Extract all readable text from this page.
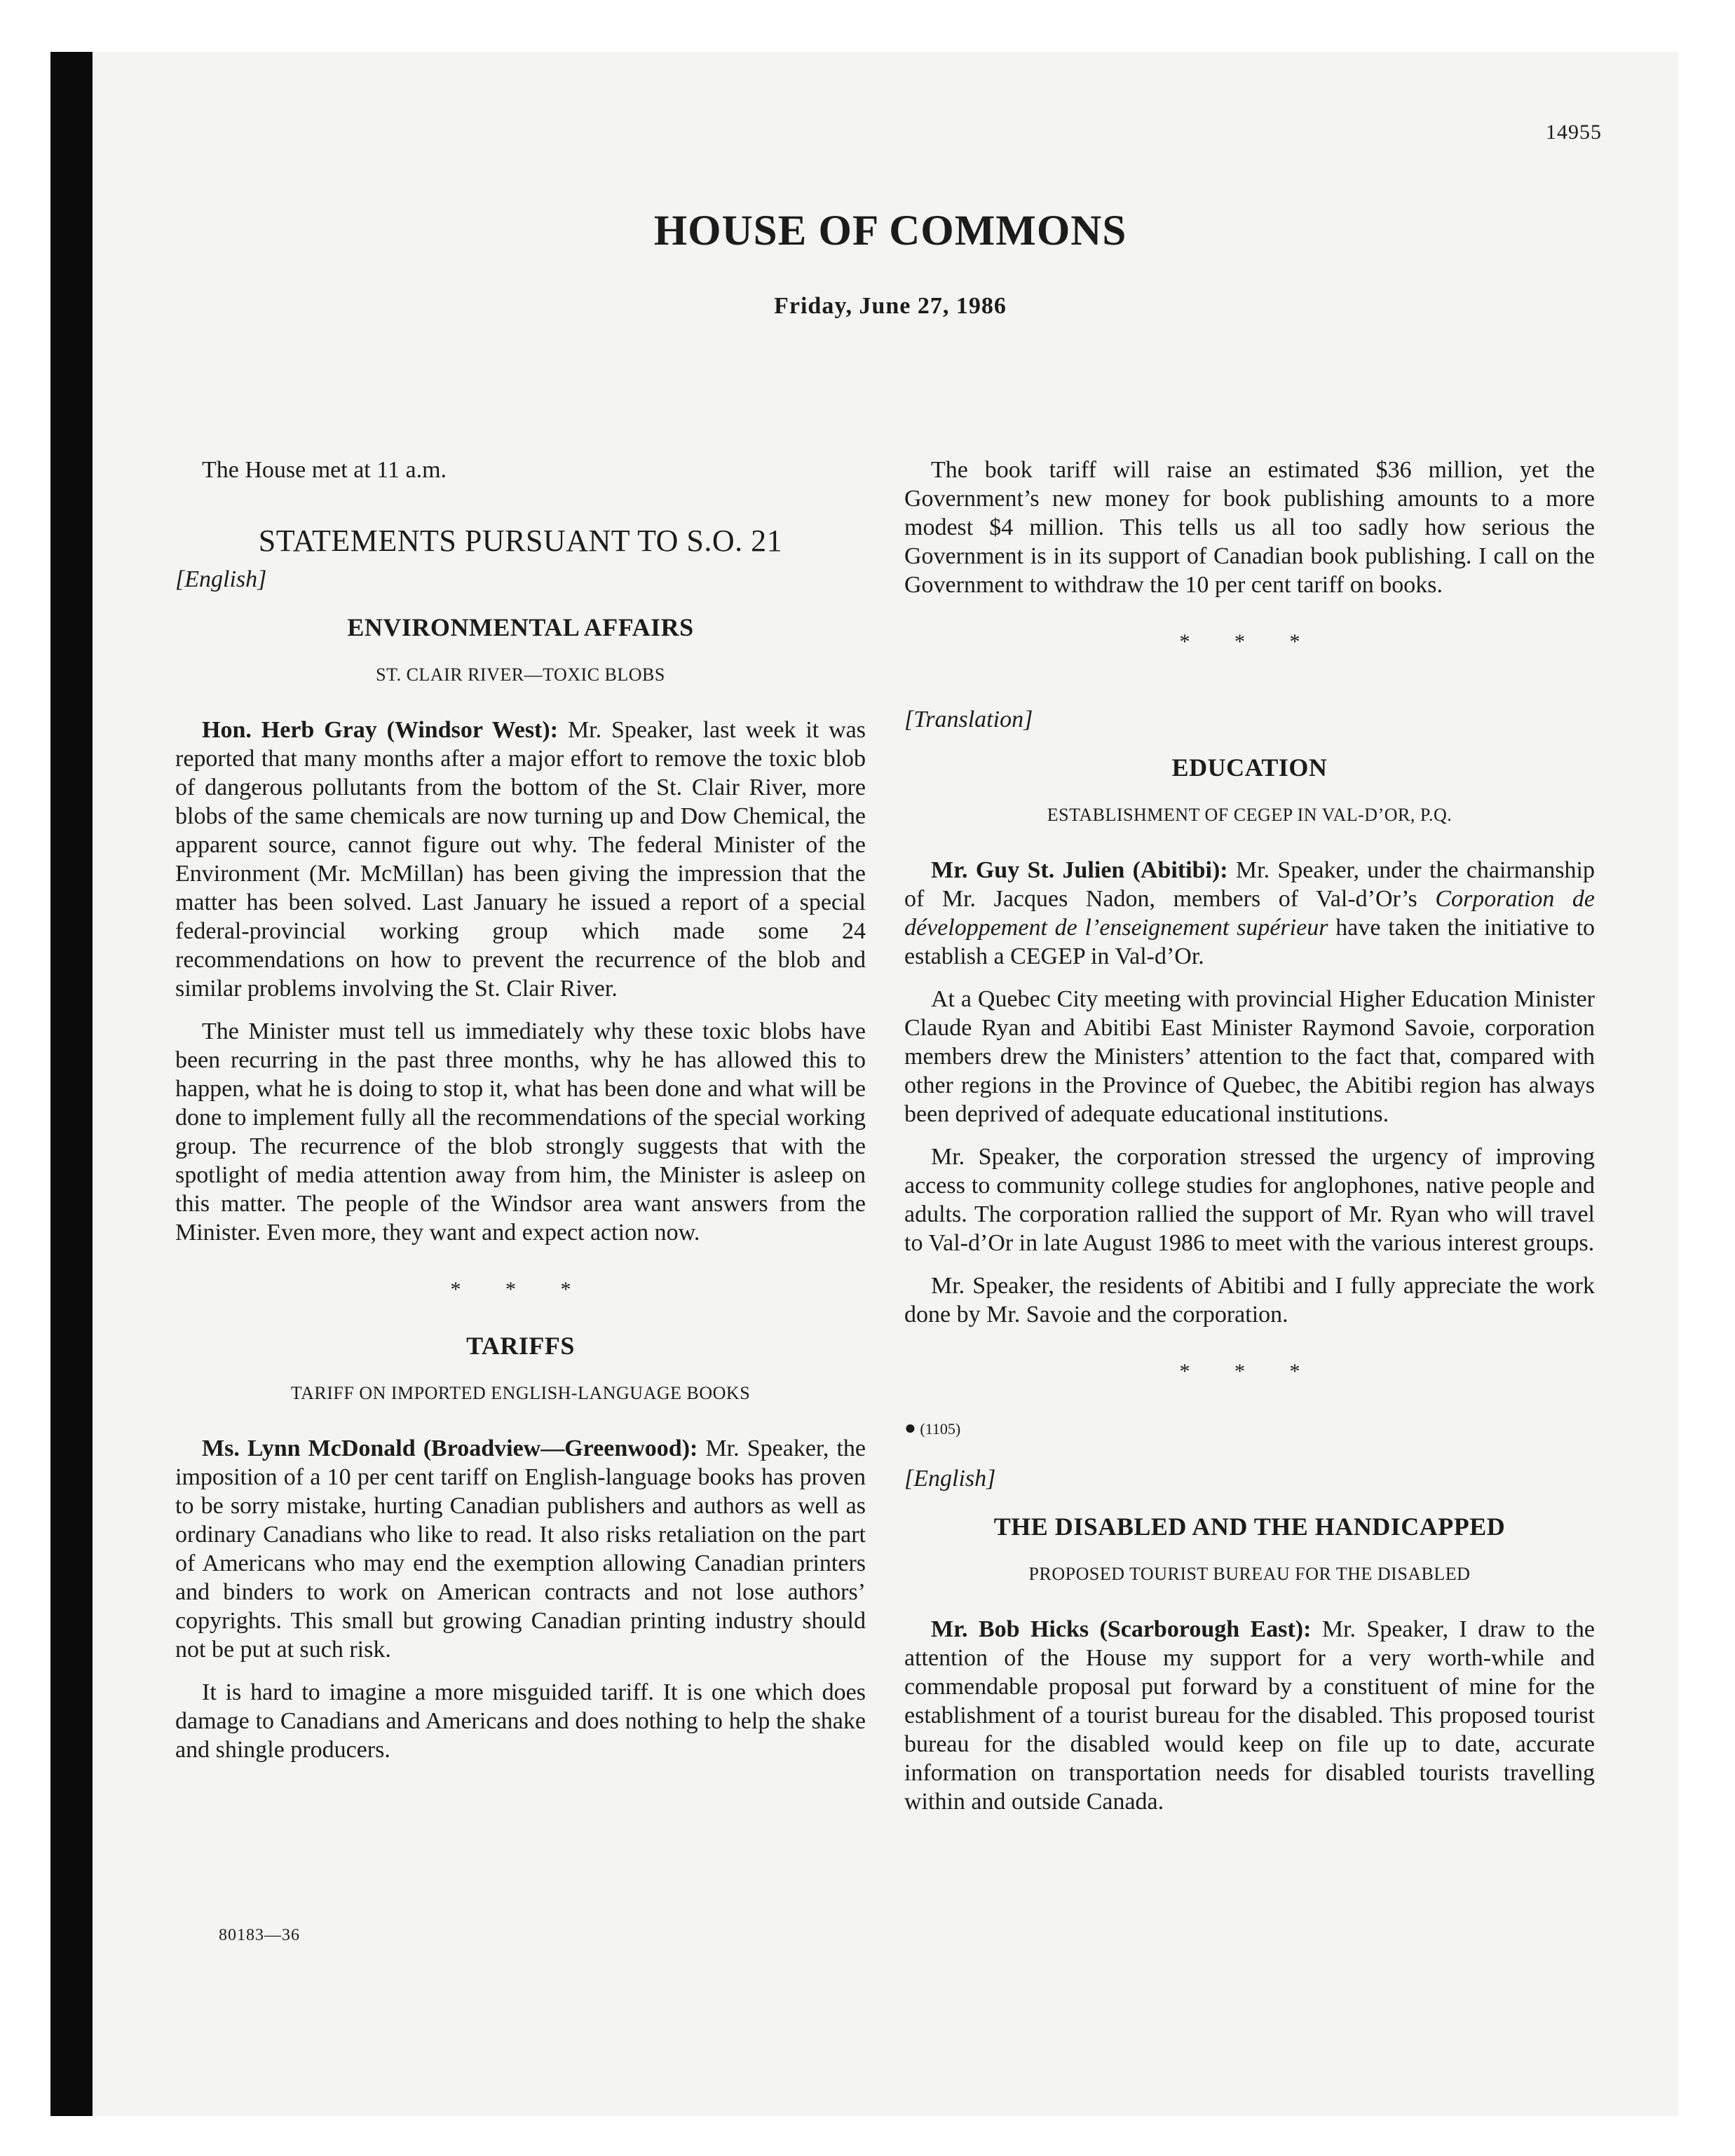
14955
HOUSE OF COMMONS
Friday, June 27, 1986
The House met at 11 a.m.
STATEMENTS PURSUANT TO S.O. 21
[English]
ENVIRONMENTAL AFFAIRS
ST. CLAIR RIVER—TOXIC BLOBS

Hon. Herb Gray (Windsor West): Mr. Speaker, last week it was reported that many months after a major effort to remove the toxic blob of dangerous pollutants from the bottom of the St. Clair River, more blobs of the same chemicals are now turning up and Dow Chemical, the apparent source, cannot figure out why. The federal Minister of the Environment (Mr. McMillan) has been giving the impression that the matter has been solved. Last January he issued a report of a special federal-provincial working group which made some 24 recommendations on how to prevent the recurrence of the blob and similar problems involving the St. Clair River.

The Minister must tell us immediately why these toxic blobs have been recurring in the past three months, why he has allowed this to happen, what he is doing to stop it, what has been done and what will be done to implement fully all the recommendations of the special working group. The recurrence of the blob strongly suggests that with the spotlight of media attention away from him, the Minister is asleep on this matter. The people of the Windsor area want answers from the Minister. Even more, they want and expect action now.

* * *
TARIFFS
TARIFF ON IMPORTED ENGLISH-LANGUAGE BOOKS

Ms. Lynn McDonald (Broadview—Greenwood): Mr. Speaker, the imposition of a 10 per cent tariff on English-language books has proven to be sorry mistake, hurting Canadian publishers and authors as well as ordinary Canadians who like to read. It also risks retaliation on the part of Americans who may end the exemption allowing Canadian printers and binders to work on American contracts and not lose authors’ copyrights. This small but growing Canadian printing industry should not be put at such risk.

It is hard to imagine a more misguided tariff. It is one which does damage to Canadians and Americans and does nothing to help the shake and shingle producers.

The book tariff will raise an estimated $36 million, yet the Government’s new money for book publishing amounts to a more modest $4 million. This tells us all too sadly how serious the Government is in its support of Canadian book publishing. I call on the Government to withdraw the 10 per cent tariff on books.

* * *
[Translation]
EDUCATION
ESTABLISHMENT OF CEGEP IN VAL-D’OR, P.Q.

Mr. Guy St. Julien (Abitibi): Mr. Speaker, under the chairmanship of Mr. Jacques Nadon, members of Val-d’Or’s Corporation de développement de l’enseignement supérieur have taken the initiative to establish a CEGEP in Val-d’Or.

At a Quebec City meeting with provincial Higher Education Minister Claude Ryan and Abitibi East Minister Raymond Savoie, corporation members drew the Ministers’ attention to the fact that, compared with other regions in the Province of Quebec, the Abitibi region has always been deprived of adequate educational institutions.

Mr. Speaker, the corporation stressed the urgency of improving access to community college studies for anglophones, native people and adults. The corporation rallied the support of Mr. Ryan who will travel to Val-d’Or in late August 1986 to meet with the various interest groups.

Mr. Speaker, the residents of Abitibi and I fully appreciate the work done by Mr. Savoie and the corporation.

* * *
● (1105)
[English]
THE DISABLED AND THE HANDICAPPED
PROPOSED TOURIST BUREAU FOR THE DISABLED

Mr. Bob Hicks (Scarborough East): Mr. Speaker, I draw to the attention of the House my support for a very worth-while and commendable proposal put forward by a constituent of mine for the establishment of a tourist bureau for the disabled. This proposed tourist bureau for the disabled would keep on file up to date, accurate information on transportation needs for disabled tourists travelling within and outside Canada.

80183—36
